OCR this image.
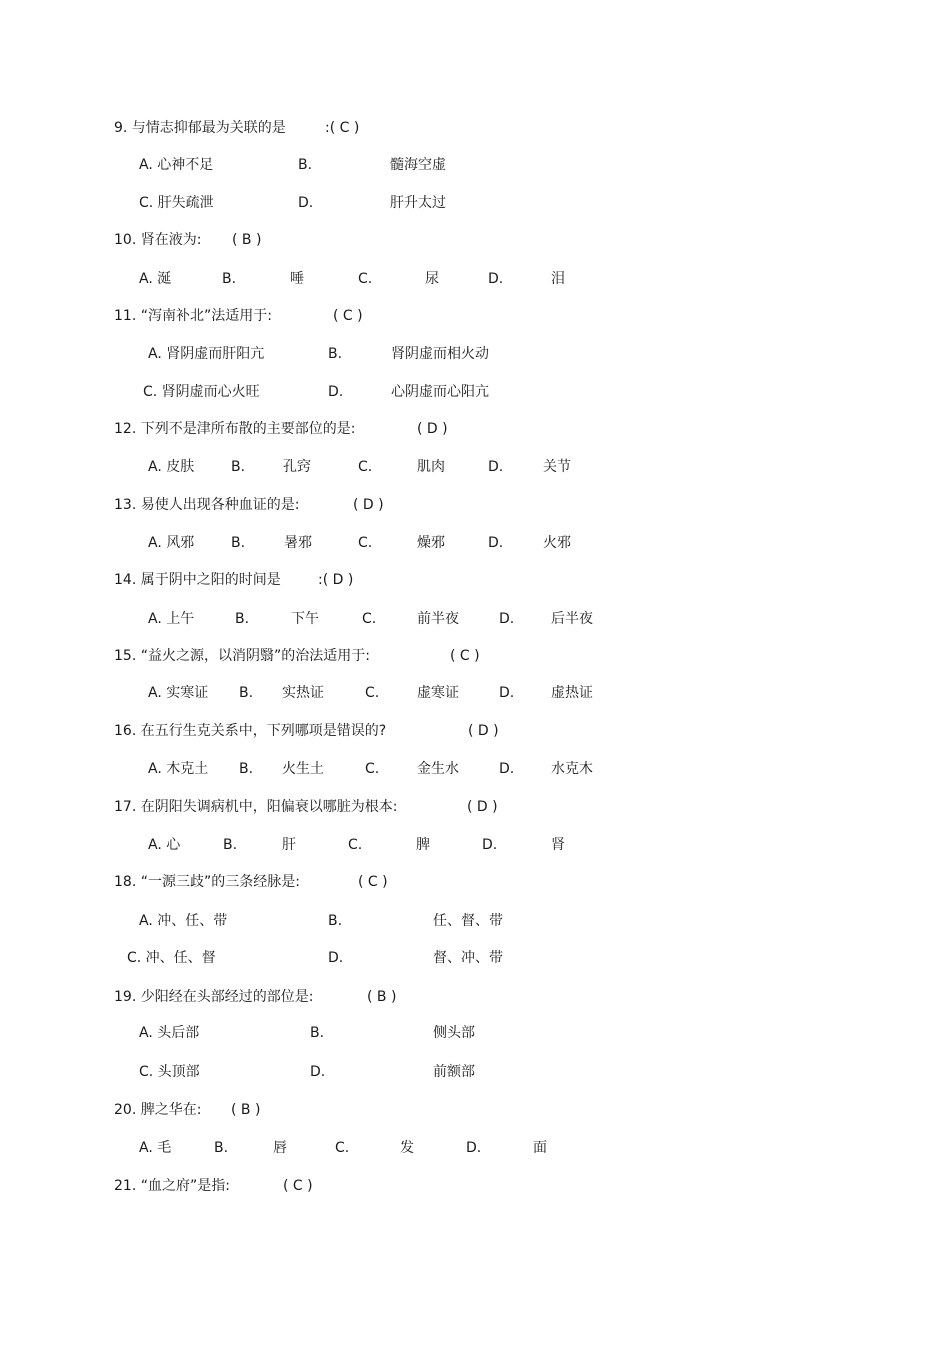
9. 与情志抑郁最为关联的是	:( C )
A. 心神不足	B.	髓海空虚
C. 肝失疏泄	D.	肝升太过
10. 肾在液为: ( B )
A. 涎	B.	唾	C.	尿	D.	泪
11. “泻南补北”法适用于:	( C )
A. 肾阴虚而肝阳亢	B.	肾阴虚而相火动
C. 肾阴虚而心火旺	D.	心阴虚而心阳亢
12. 下列不是津所布散的主要部位的是:	( D )
A. 皮肤	B.	孔窍	C.	肌肉	D.	关节
13. 易使人出现各种血证的是:	( D )
A. 风邪	B.	暑邪	C.	燥邪	D.	火邪
14. 属于阴中之阳的时间是	:( D )
A. 上午	B.	下午	C.	前半夜	D.	后半夜
15. “益火之源，以消阴翳”的治法适用于:	( C )
A. 实寒证 B. 实热证	C.	虚寒证	D.	虚热证
16. 在五行生克关系中，下列哪项是错误的?	( D )
A. 木克土 B. 火生土	C.	金生水	D.	水克木
17. 在阴阳失调病机中，阳偏衰以哪脏为根本:	( D )
A. 心	B.	肝	C.	脾	D.	肾
18. “一源三歧”的三条经脉是:	( C )
A. 冲、任、带	B.	任、督、带
C. 冲、任、督	D.	督、冲、带
19. 少阳经在头部经过的部位是:	( B )
A. 头后部	B.	侧头部
C. 头顶部	D.	前额部
20. 脾之华在: ( B )
A. 毛	B.	唇	C.	发	D.	面
21. “血之府”是指:	( C )
